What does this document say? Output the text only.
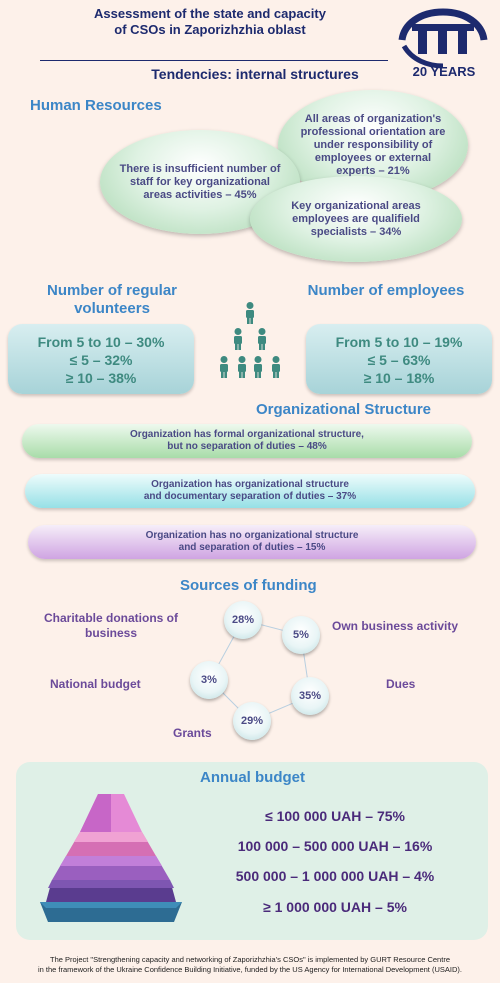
Assessment of the state and capacity
of CSOs in Zaporizhzhia oblast
Tendencies: internal structures	20 YEARS
Human Resources
All areas of organization's professional orientation are under responsibility of employees or external experts – 21%
There is insufficient number of staff for key organizational areas activities – 45%
Key organizational areas employees are qualifield specialists – 34%
Number of regular volunteers
Number of employees
From 5 to 10 – 30%
≤ 5 – 32%
≥ 10 – 38%
From 5 to 10 – 19%
≤ 5 – 63%
≥ 10 – 18%
Organizational Structure
Organization has formal organizational structure,
but no separation of duties – 48%
Organization has organizational structure
and documentary separation of duties – 37%
Organization has no organizational structure
and separation of duties – 15%
Sources of funding
Charitable donations of business
28%	Own business activity
5%
National budget	3%	Dues
35%
Grants
29%
Annual budget
≤ 100 000 UAH – 75%
100 000 – 500 000 UAH – 16%
500 000 – 1 000 000 UAH – 4%
≥ 1 000 000 UAH – 5%
The Project "Strengthening capacity and networking of Zaporizhzhia's CSOs" is implemented by GURT Resource Centre
in the framework of the Ukraine Confidence Building Initiative, funded by the US Agency for International Development (USAID).
